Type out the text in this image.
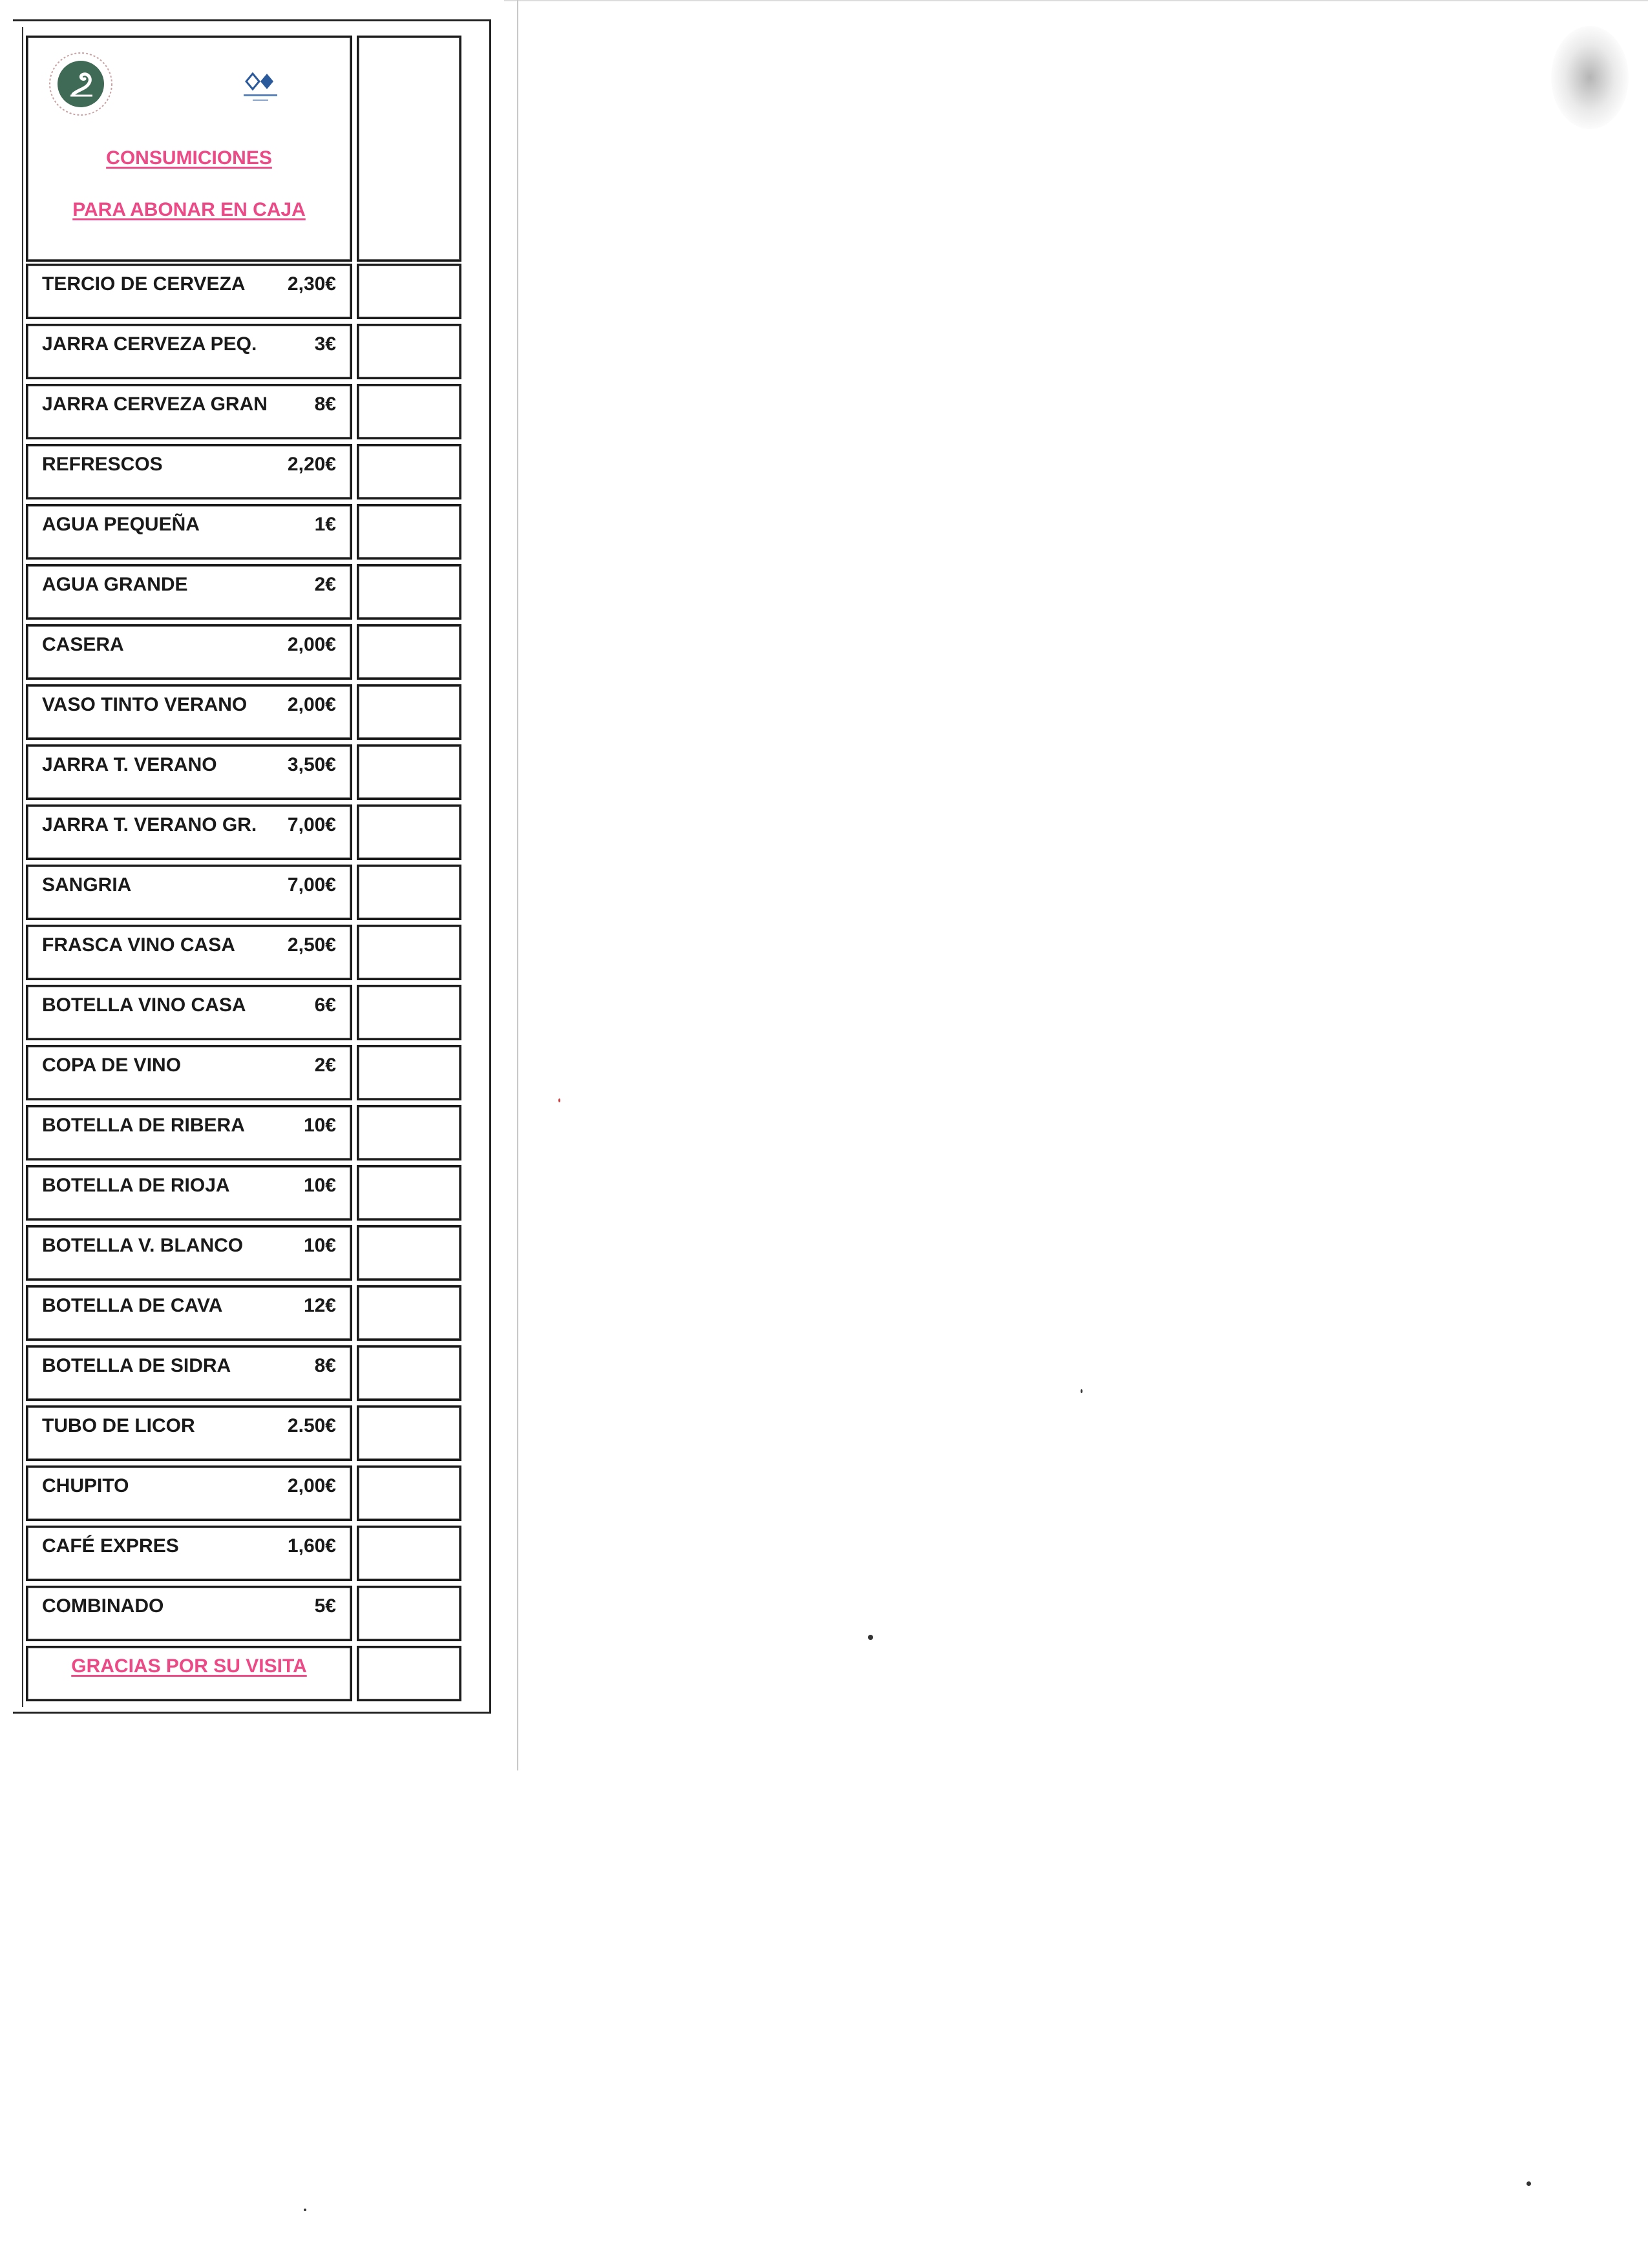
CONSUMICIONES
PARA ABONAR EN CAJA
TERCIO DE CERVEZA 2,30€
JARRA CERVEZA PEQ.	3€
JARRA CERVEZA GRAN 8€
REFRESCOS	2,20€
AGUA PEQUEÑA	1€
AGUA GRANDE	2€
CASERA	2,00€
VASO TINTO VERANO 2,00€
JARRA T. VERANO	3,50€
JARRA T. VERANO GR. 7,00€
SANGRIA	7,00€
FRASCA VINO CASA	2,50€
BOTELLA VINO CASA	6€
COPA DE VINO	2€
BOTELLA DE RIBERA	10€
BOTELLA DE RIOJA	10€
BOTELLA V. BLANCO	10€
BOTELLA DE CAVA	12€
BOTELLA DE SIDRA	8€
TUBO DE LICOR	2.50€
CHUPITO	2,00€
CAFÉ EXPRES	1,60€
COMBINADO	5€
GRACIAS POR SU VISITA
